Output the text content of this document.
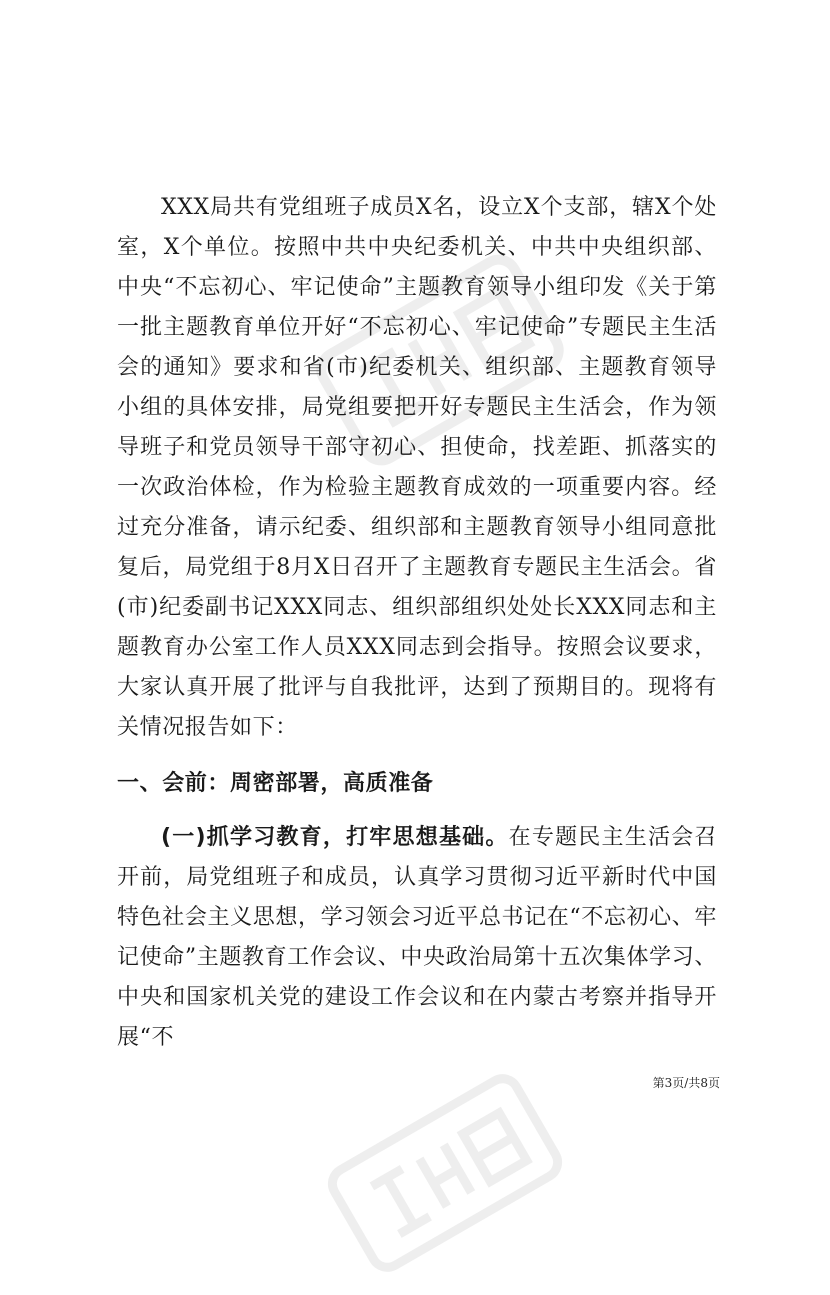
XXX局共有党组班子成员X名，设立X个支部，辖X个处室，X个单位。按照中共中央纪委机关、中共中央组织部、中央“不忘初心、牢记使命”主题教育领导小组印发《关于第一批主题教育单位开好“不忘初心、牢记使命”专题民主生活会的通知》要求和省(市)纪委机关、组织部、主题教育领导小组的具体安排，局党组要把开好专题民主生活会，作为领导班子和党员领导干部守初心、担使命，找差距、抓落实的一次政治体检，作为检验主题教育成效的一项重要内容。经过充分准备，请示纪委、组织部和主题教育领导小组同意批复后，局党组于8月X日召开了主题教育专题民主生活会。省(市)纪委副书记XXX同志、组织部组织处处长XXX同志和主题教育办公室工作人员XXX同志到会指导。按照会议要求，大家认真开展了批评与自我批评，达到了预期目的。现将有关情况报告如下：

一、会前：周密部署，高质准备

(一)抓学习教育，打牢思想基础。在专题民主生活会召开前，局党组班子和成员，认真学习贯彻习近平新时代中国特色社会主义思想，学习领会习近平总书记在“不忘初心、牢记使命”主题教育工作会议、中央政治局第十五次集体学习、中央和国家机关党的建设工作会议和在内蒙古考察并指导开展“不

第3页/共8页
